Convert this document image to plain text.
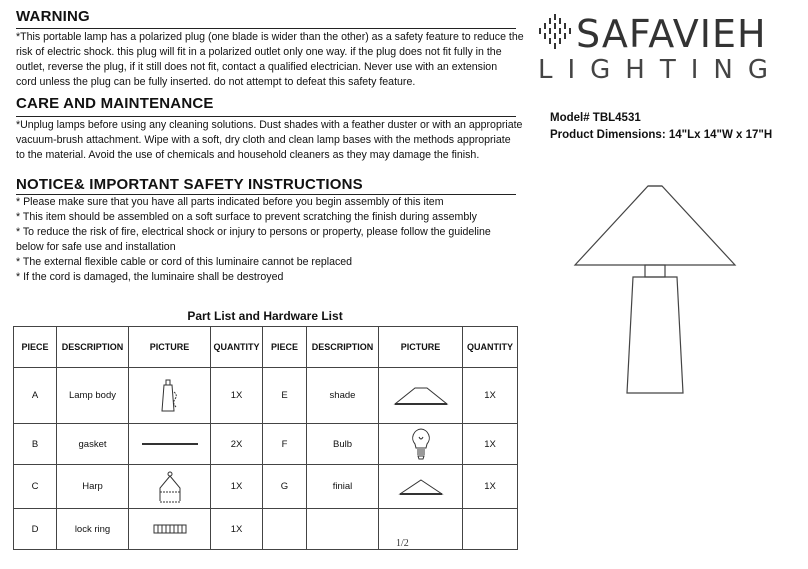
WARNING
*This portable lamp has a polarized plug (one blade is wider than the other) as a safety feature to reduce the
risk of electric shock. this plug will fit in a polarized outlet only one way. if the plug does not fit fully in the
outlet, reverse the plug, if it still does not fit, contact a qualified electrician. Never use with an extension
cord unless the plug can be fully inserted. do not attempt to defeat this safety feature.
CARE AND MAINTENANCE
*Unplug lamps before using any cleaning solutions. Dust shades with a feather duster or with an appropriate
vacuum-brush attachment. Wipe with a soft, dry cloth and clean lamp bases with the methods appropriate
to the material. Avoid the use of chemicals and household cleaners as they may damage the finish.
NOTICE& IMPORTANT SAFETY INSTRUCTIONS
* Please make sure that you have all parts indicated before you begin assembly of this item
* This item should be assembled on a soft surface to prevent scratching the finish during assembly
* To reduce the risk of fire, electrical shock or injury to persons or property, please follow the guideline
below for safe use and installation
* The external flexible cable or cord of this luminaire cannot be replaced
* If the cord is damaged, the luminaire shall be destroyed
SAFAVIEH
LIGHTING
Model# TBL4531
Product Dimensions: 14"Lx 14"W x 17"H
Part List and Hardware List
PIECE	DESCRIPTION	PICTURE	QUANTITY	PIECE	DESCRIPTION	PICTURE	QUANTITY
A	Lamp body		1X	E	shade		1X
B	gasket		2X	F	Bulb		1X
C	Harp		1X	G	finial		1X
D	lock ring		1X				
1/2
